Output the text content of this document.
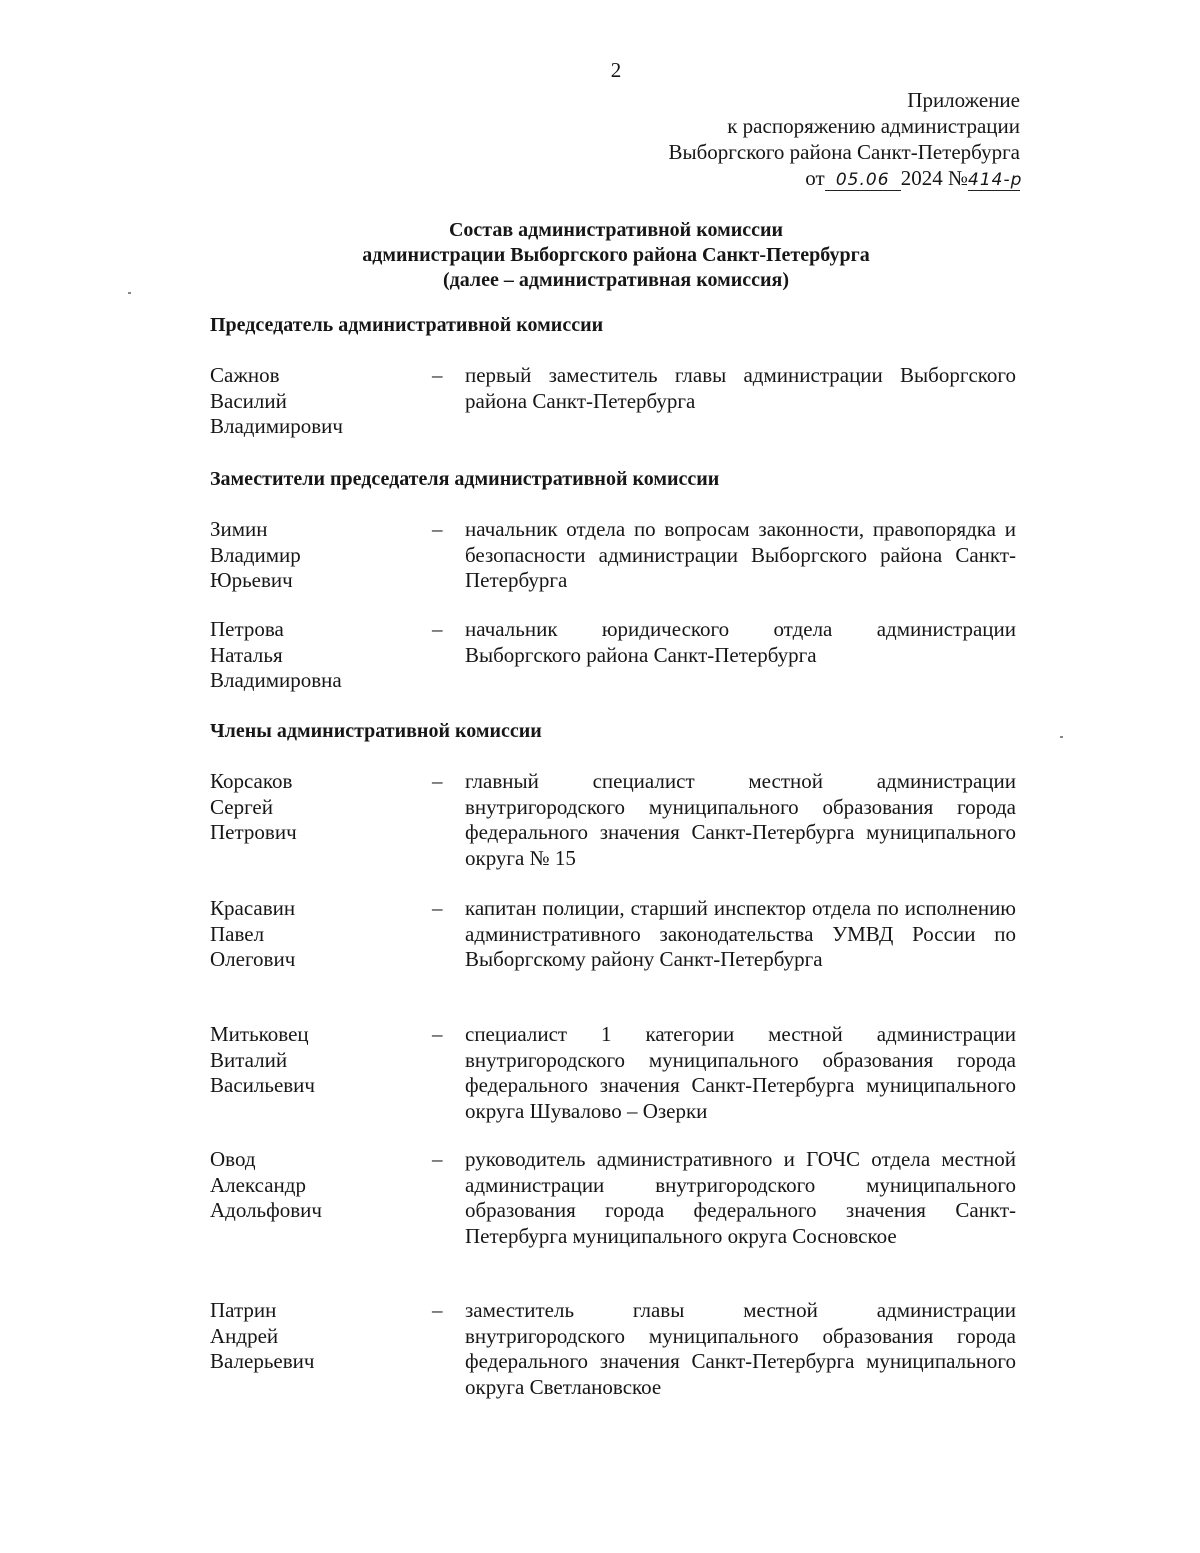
2
Приложение
к распоряжению администрации
Выборгского района Санкт-Петербурга
от 05.06 2024 №414-р
Состав административной комиссии
администрации Выборгского района Санкт-Петербурга
(далее – административная комиссия)
Председатель административной комиссии
Сажнов
Василий
Владимирович
– первый заместитель главы администрации Выборгского района Санкт-Петербурга
Заместители председателя административной комиссии
Зимин
Владимир
Юрьевич
– начальник отдела по вопросам законности, правопорядка и безопасности администрации Выборгского района Санкт-Петербурга
Петрова
Наталья
Владимировна
– начальник юридического отдела администрации Выборгского района Санкт-Петербурга
Члены административной комиссии
Корсаков
Сергей
Петрович
– главный специалист местной администрации внутригородского муниципального образования города федерального значения Санкт-Петербурга муниципального округа № 15
Красавин
Павел
Олегович
– капитан полиции, старший инспектор отдела по исполнению административного законодательства УМВД России по Выборгскому району Санкт-Петербурга
Митьковец
Виталий
Васильевич
– специалист 1 категории местной администрации внутригородского муниципального образования города федерального значения Санкт-Петербурга муниципального округа Шувалово – Озерки
Овод
Александр
Адольфович
– руководитель административного и ГОЧС отдела местной администрации внутригородского муниципального образования города федерального значения Санкт-Петербурга муниципального округа Сосновское
Патрин
Андрей
Валерьевич
– заместитель главы местной администрации внутригородского муниципального образования города федерального значения Санкт-Петербурга муниципального округа Светлановское
